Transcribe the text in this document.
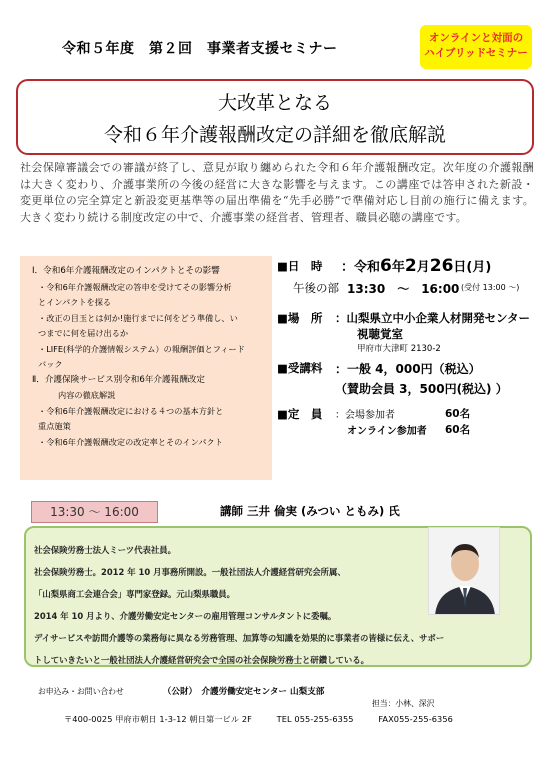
令和５年度　第２回　事業者支援セミナー
オンラインと対面の
ハイブリッドセミナー
大改革となる
令和６年介護報酬改定の詳細を徹底解説
社会保障審議会での審議が終了し、意見が取り纏められた令和６年介護報酬改定。次年度の介護報酬は大きく変わり、介護事業所の今後の経営に大きな影響を与えます。この講座では答申された新設・変更単位の完全算定と新設変更基準等の届出準備を“先手必勝”で準備対応し目前の施行に備えます。大きく変わり続ける制度改定の中で、介護事業の経営者、管理者、職員必聴の講座です。
Ⅰ．令和6年介護報酬改定のインパクトとその影響
・令和6年介護報酬改定の答申を受けてその影響分析
とインパクトを探る
・改正の目玉とは何か!施行までに何をどう準備し、い
つまでに何を届け出るか
・LIFE(科学的介護情報システム）の報酬評価とフィード
バック
Ⅱ．介護保険サービス別令和6年介護報酬改定
内容の徹底解説
・令和6年介護報酬改定における４つの基本方針と
重点施策
・令和6年介護報酬改定の改定率とそのインパクト
■日　時 ：令和6年2月26日(月)
午後の部 13:30　～　16:00 (受付 13:00 ～)
■場　所 ：山梨県立中小企業人材開発センター
視聴覚室
甲府市大津町 2130-2
■受講料 ：一般 4，000円（税込）
（賛助会員 3，500円(税込) ）
■定　員 ：会場参加者	60名
オンライン参加者 60名
13:30 ～ 16:00	講師 三井 倫実 (みつい ともみ) 氏
社会保険労務士法人ミーツ代表社員。
社会保険労務士。2012 年 10 月事務所開設。一般社団法人介護経営研究会所属、
「山梨県商工会連合会」専門家登録。元山梨県職員。
2014 年 10 月より、介護労働安定センターの雇用管理コンサルタントに委嘱。
デイサービスや訪問介護等の業務毎に異なる労務管理、加算等の知識を効果的に事業者の皆様に伝え、サポー
トしていきたいと一般社団法人介護経営研究会で全国の社会保険労務士と研鑽している。
お申込み・お問い合わせ	（公財）　介護労働安定センター 山梨支部
担当：小林、深沢
〒400-0025 甲府市朝日 1-3-12 朝日第一ビル 2F	TEL 055-255-6355	FAX055-255-6356
